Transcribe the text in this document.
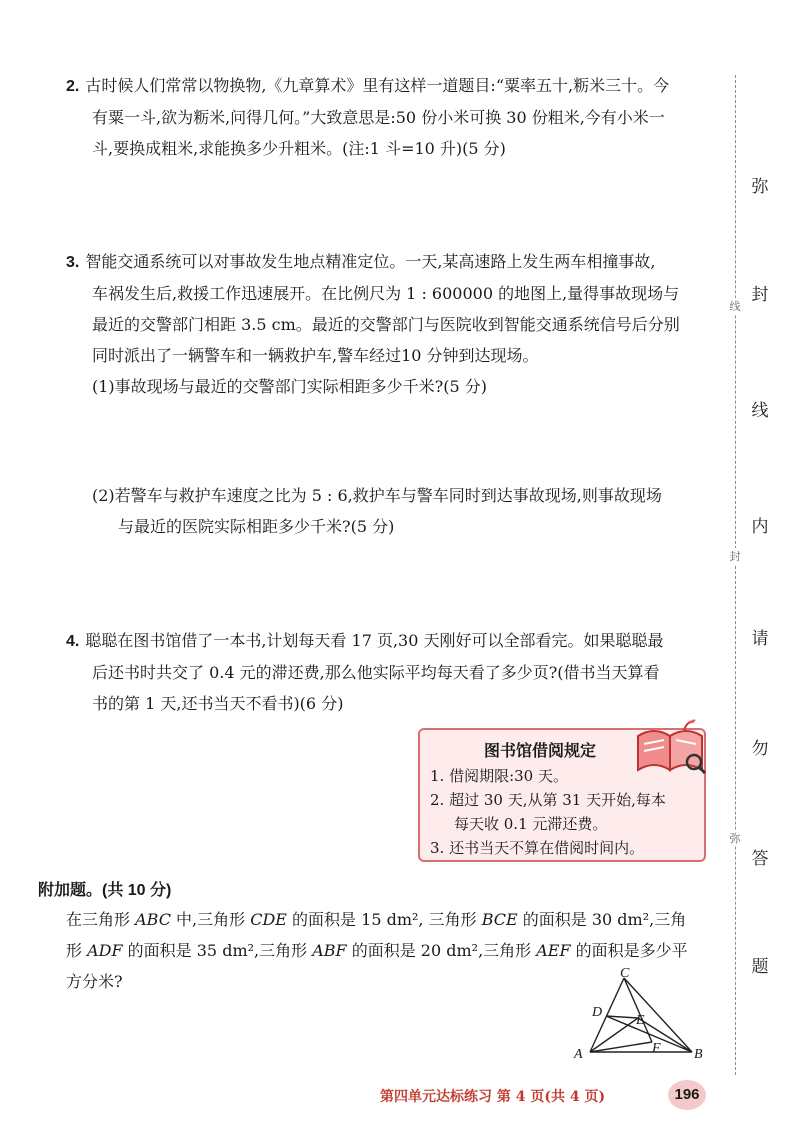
2. 古时候人们常常以物换物,《九章算术》里有这样一道题目:“粟率五十,粝米三十。今
有粟一斗,欲为粝米,问得几何。”大致意思是:50 份小米可换 30 份粗米,今有小米一
斗,要换成粗米,求能换多少升粗米。(注:1 斗=10 升)(5 分)
3. 智能交通系统可以对事故发生地点精准定位。一天,某高速路上发生两车相撞事故,
车祸发生后,救援工作迅速展开。在比例尺为 1 : 600000 的地图上,量得事故现场与
最近的交警部门相距 3.5 cm。最近的交警部门与医院收到智能交通系统信号后分别
同时派出了一辆警车和一辆救护车,警车经过10 分钟到达现场。
(1)事故现场与最近的交警部门实际相距多少千米?(5 分)
(2)若警车与救护车速度之比为 5 : 6,救护车与警车同时到达事故现场,则事故现场
与最近的医院实际相距多少千米?(5 分)
4. 聪聪在图书馆借了一本书,计划每天看 17 页,30 天刚好可以全部看完。如果聪聪最
后还书时共交了 0.4 元的滞还费,那么他实际平均每天看了多少页?(借书当天算看
书的第 1 天,还书当天不看书)(6 分)
图书馆借阅规定
1. 借阅期限:30 天。
2. 超过 30 天,从第 31 天开始,每本
每天收 0.1 元滞还费。
3. 还书当天不算在借阅时间内。
附加题。(共 10 分)
在三角形 ABC 中,三角形 CDE 的面积是 15 dm², 三角形 BCE 的面积是 30 dm²,三角
形 ADF 的面积是 35 dm²,三角形 ABF 的面积是 20 dm²,三角形 AEF 的面积是多少平
方分米?	C
D
E
F
A	B
线
封
弥
弥
封
线
内
请
勿
答
题
第四单元达标练习 第 4 页(共 4 页)	196
